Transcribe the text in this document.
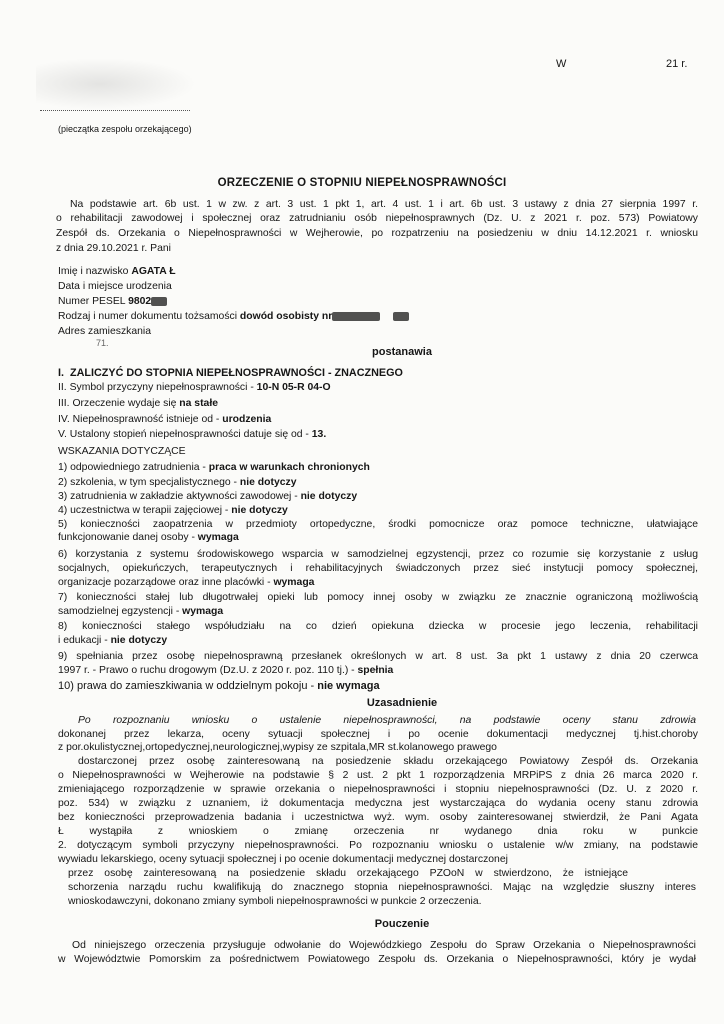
(pieczątka zespołu orzekającego)
W	21 r.
ORZECZENIE O STOPNIU NIEPEŁNOSPRAWNOŚCI
Na podstawie art. 6b ust. 1 w zw. z art. 3 ust. 1 pkt 1, art. 4 ust. 1 i art. 6b ust. 3 ustawy z dnia 27 sierpnia 1997 r.
o rehabilitacji zawodowej i społecznej oraz zatrudnianiu osób niepełnosprawnych (Dz. U. z 2021 r. poz. 573) Powiatowy
Zespół ds. Orzekania o Niepełnosprawności w Wejherowie, po rozpatrzeniu na posiedzeniu w dniu 14.12.2021 r. wniosku
z dnia 29.10.2021 r. Pani
Imię i nazwisko AGATA Ł
Data i miejsce urodzenia
Numer PESEL 9802
Rodzaj i numer dokumentu tożsamości dowód osobisty nr
Adres zamieszkania
71.
postanawia
I. ZALICZYĆ DO STOPNIA NIEPEŁNOSPRAWNOŚCI - ZNACZNEGO
II. Symbol przyczyny niepełnosprawności - 10-N 05-R 04-O
III. Orzeczenie wydaje się na stałe
IV. Niepełnosprawność istnieje od - urodzenia
V. Ustalony stopień niepełnosprawności datuje się od - 13.
WSKAZANIA DOTYCZĄCE
1) odpowiedniego zatrudnienia - praca w warunkach chronionych
2) szkolenia, w tym specjalistycznego - nie dotyczy
3) zatrudnienia w zakładzie aktywności zawodowej - nie dotyczy
4) uczestnictwa w terapii zajęciowej - nie dotyczy
5) konieczności zaopatrzenia w przedmioty ortopedyczne, środki pomocnicze oraz pomoce techniczne, ułatwiające
funkcjonowanie danej osoby - wymaga
6) korzystania z systemu środowiskowego wsparcia w samodzielnej egzystencji, przez co rozumie się korzystanie z usług
socjalnych, opiekuńczych, terapeutycznych i rehabilitacyjnych świadczonych przez sieć instytucji pomocy społecznej,
organizacje pozarządowe oraz inne placówki - wymaga
7) konieczności stałej lub długotrwałej opieki lub pomocy innej osoby w związku ze znacznie ograniczoną możliwością
samodzielnej egzystencji - wymaga
8) konieczności stałego współudziału na co dzień opiekuna dziecka w procesie jego leczenia, rehabilitacji
i edukacji - nie dotyczy
9) spełniania przez osobę niepełnosprawną przesłanek określonych w art. 8 ust. 3a pkt 1 ustawy z dnia 20 czerwca
1997 r. - Prawo o ruchu drogowym (Dz.U. z 2020 r. poz. 110 tj.) - spełnia
10) prawa do zamieszkiwania w oddzielnym pokoju - nie wymaga
Uzasadnienie
Po rozpoznaniu wniosku o ustalenie niepełnosprawności, na podstawie oceny stanu zdrowia
dokonanej przez lekarza, oceny sytuacji społecznej i po ocenie dokumentacji medycznej tj.hist.choroby
z por.okulistycznej,ortopedycznej,neurologicznej,wypisy ze szpitala,MR st.kolanowego prawego
dostarczonej przez osobę zainteresowaną na posiedzenie składu orzekającego Powiatowy Zespół ds. Orzekania
o Niepełnosprawności w Wejherowie na podstawie § 2 ust. 2 pkt 1 rozporządzenia MRPiPS z dnia 26 marca 2020 r.
zmieniającego rozporządzenie w sprawie orzekania o niepełnosprawności i stopniu niepełnosprawności (Dz. U. z 2020 r.
poz. 534) w związku z uznaniem, iż dokumentacja medyczna jest wystarczająca do wydania oceny stanu zdrowia
bez konieczności przeprowadzenia badania i uczestnictwa wyż. wym. osoby zainteresowanej stwierdził, że Pani Agata
Ł wystąpiła z wnioskiem o zmianę orzeczenia nr wydanego dnia roku w punkcie
2. dotyczącym symboli przyczyny niepełnosprawności. Po rozpoznaniu wniosku o ustalenie w/w zmiany, na podstawie
wywiadu lekarskiego, oceny sytuacji społecznej i po ocenie dokumentacji medycznej dostarczonej
przez osobę zainteresowaną na posiedzenie składu orzekającego PZOoN w stwierdzono, że istniejące
schorzenia narządu ruchu kwalifikują do znacznego stopnia niepełnosprawności. Mając na względzie słuszny interes
wnioskodawczyni, dokonano zmiany symboli niepełnosprawności w punkcie 2 orzeczenia.
Pouczenie
Od niniejszego orzeczenia przysługuje odwołanie do Wojewódzkiego Zespołu do Spraw Orzekania o Niepełnosprawności
w Województwie Pomorskim za pośrednictwem Powiatowego Zespołu ds. Orzekania o Niepełnosprawności, który je wydał
